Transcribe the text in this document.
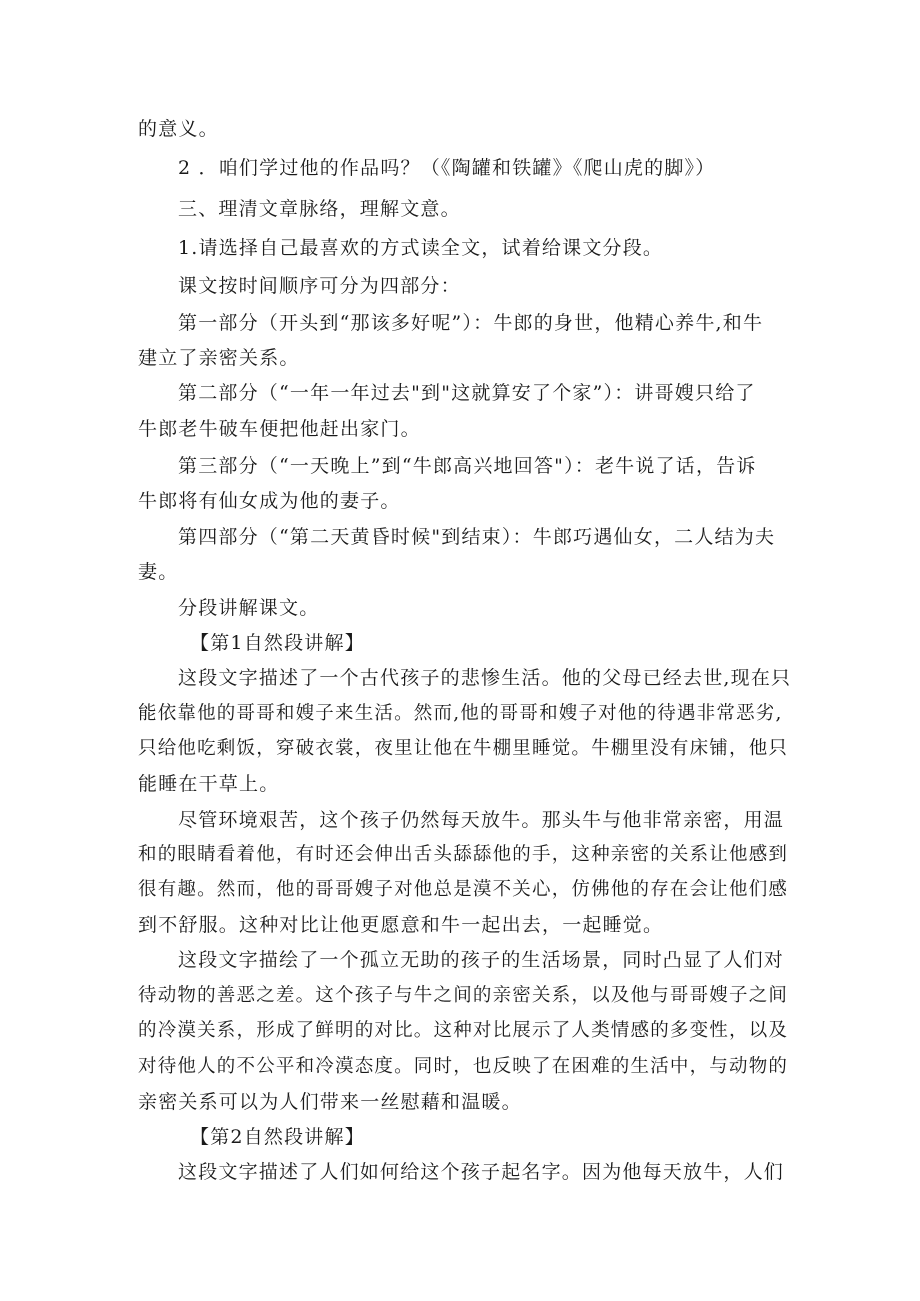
的意义。
2 ．咱们学过他的作品吗？（《陶罐和铁罐》《爬山虎的脚》）
三、理清文章脉络，理解文意。
1.请选择自己最喜欢的方式读全文，试着给课文分段。
课文按时间顺序可分为四部分：
第一部分（开头到“那该多好呢”）：牛郎的身世，他精心养牛,和牛
建立了亲密关系。
第二部分（“一年一年过去"到"这就算安了个家”）：讲哥嫂只给了
牛郎老牛破车便把他赶出家门。
第三部分（“一天晚上”到“牛郎高兴地回答"）：老牛说了话，告诉
牛郎将有仙女成为他的妻子。
第四部分（“第二天黄昏时候"到结束）：牛郎巧遇仙女，二人结为夫
妻。
分段讲解课文。
【第1自然段讲解】
这段文字描述了一个古代孩子的悲惨生活。他的父母已经去世,现在只
能依靠他的哥哥和嫂子来生活。然而,他的哥哥和嫂子对他的待遇非常恶劣,
只给他吃剩饭，穿破衣裳，夜里让他在牛棚里睡觉。牛棚里没有床铺，他只
能睡在干草上。
尽管环境艰苦，这个孩子仍然每天放牛。那头牛与他非常亲密，用温
和的眼睛看着他，有时还会伸出舌头舔舔他的手，这种亲密的关系让他感到
很有趣。然而，他的哥哥嫂子对他总是漠不关心，仿佛他的存在会让他们感
到不舒服。这种对比让他更愿意和牛一起出去，一起睡觉。
这段文字描绘了一个孤立无助的孩子的生活场景，同时凸显了人们对
待动物的善恶之差。这个孩子与牛之间的亲密关系，以及他与哥哥嫂子之间
的冷漠关系，形成了鲜明的对比。这种对比展示了人类情感的多变性，以及
对待他人的不公平和冷漠态度。同时，也反映了在困难的生活中，与动物的
亲密关系可以为人们带来一丝慰藉和温暖。
【第2自然段讲解】
这段文字描述了人们如何给这个孩子起名字。因为他每天放牛，人们
